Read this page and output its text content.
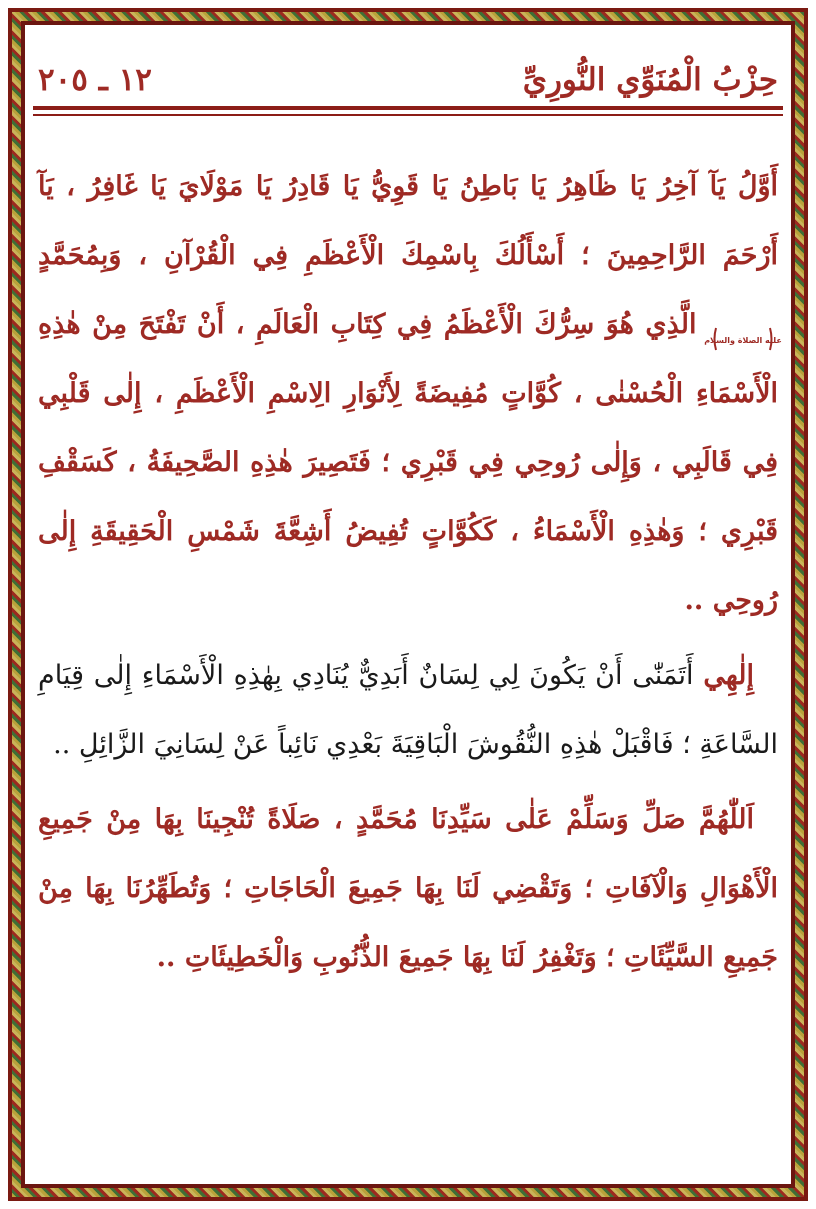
حِزْبُ الْمُنَوِّي النُّورِيِّ
١٢ ـ ٢٠٥

أَوَّلُ يَآ آخِرُ يَا ظَاهِرُ يَا بَاطِنُ يَا قَوِيُّ يَا قَادِرُ يَا مَوْلَايَ يَا غَافِرُ ، يَآ أَرْحَمَ الرَّاحِمِينَ ؛ أَسْأَلُكَ بِاسْمِكَ الْأَعْظَمِ فِي الْقُرْآنِ ، وَبِمُحَمَّدٍ
عليه الصلاة والسلام
الَّذِي هُوَ سِرُّكَ الْأَعْظَمُ فِي كِتَابِ الْعَالَمِ ، أَنْ تَفْتَحَ مِنْ هٰذِهِ الْأَسْمَاءِ الْحُسْنٰى ، كُوَّاتٍ مُفِيضَةً لِأَنْوَارِ الِاسْمِ الْأَعْظَمِ ، إِلٰى قَلْبِي فِي قَالَبِي ، وَإِلٰى رُوحِي فِي قَبْرِي ؛ فَتَصِيرَ هٰذِهِ الصَّحِيفَةُ ، كَسَقْفِ قَبْرِي ؛ وَهٰذِهِ الْأَسْمَاءُ ، كَكُوَّاتٍ تُفِيضُ أَشِعَّةَ شَمْسِ الْحَقِيقَةِ إِلٰى رُوحِي ..

إِلٰهِي أَتَمَنّٰى أَنْ يَكُونَ لِي لِسَانٌ أَبَدِيٌّ يُنَادِي بِهٰذِهِ الْأَسْمَاءِ إِلٰى قِيَامِ السَّاعَةِ ؛ فَاقْبَلْ هٰذِهِ النُّقُوشَ الْبَاقِيَةَ بَعْدِي نَائِباً عَنْ لِسَانِيَ الزَّائِلِ ..

اَللّٰهُمَّ صَلِّ وَسَلِّمْ عَلٰى سَيِّدِنَا مُحَمَّدٍ ، صَلَاةً تُنْجِينَا بِهَا مِنْ جَمِيعِ الْأَهْوَالِ وَالْآفَاتِ ؛ وَتَقْضِي لَنَا بِهَا جَمِيعَ الْحَاجَاتِ ؛ وَتُطَهِّرُنَا بِهَا مِنْ جَمِيعِ السَّيِّئَاتِ ؛ وَتَغْفِرُ لَنَا بِهَا جَمِيعَ الذُّنُوبِ وَالْخَطِيئَاتِ ..
